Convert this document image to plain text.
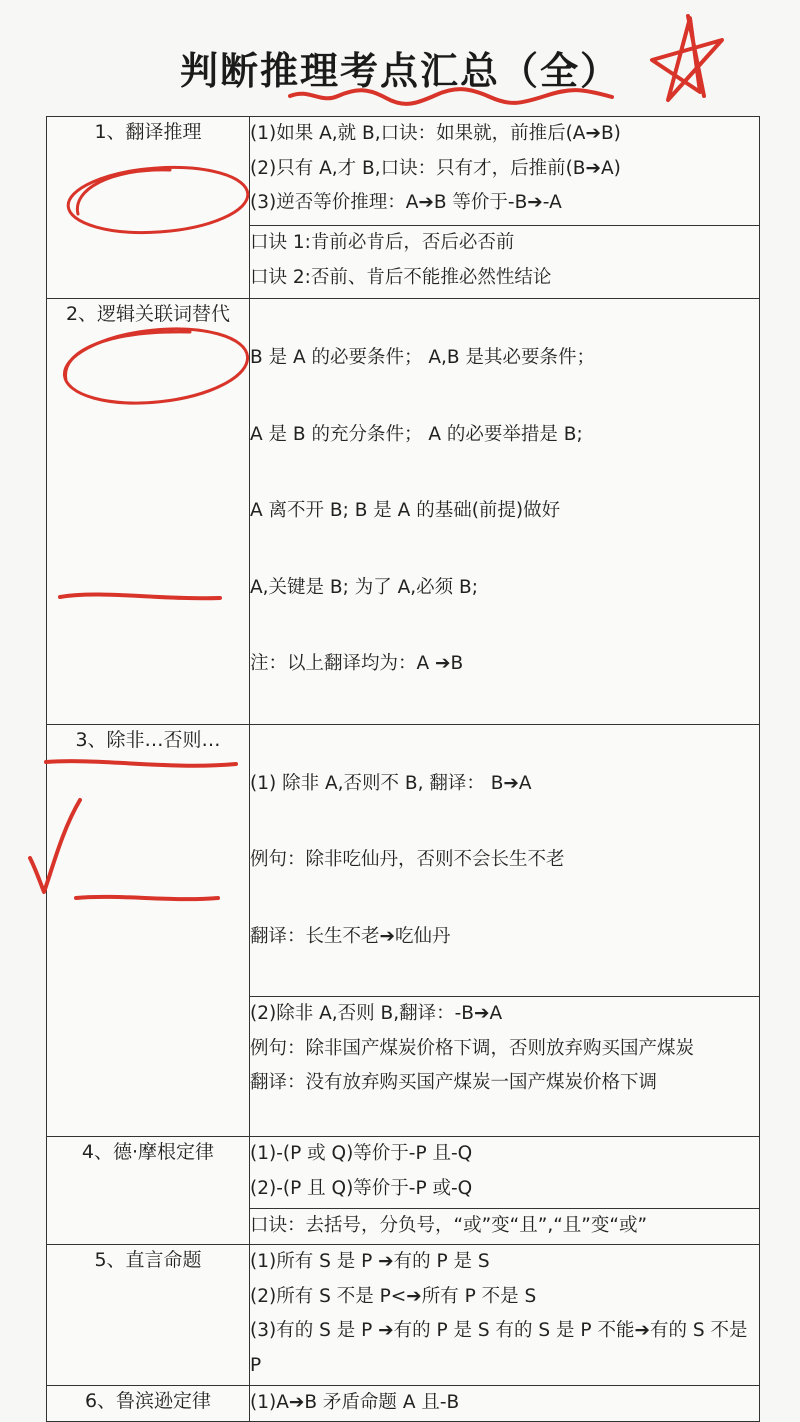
判断推理考点汇总（全）
1、翻译推理	(1)如果 A,就 B,口诀：如果就，前推后(A➔B)
(2)只有 A,才 B,口诀：只有才，后推前(B➔A)
(3)逆否等价推理：A➔B 等价于-B➔-A

	口诀 1:肯前必肯后，否后必否前
口诀 2:否前、肯后不能推必然性结论

2、逻辑关联词替代	B 是 A 的必要条件； A,B 是其必要条件；

A 是 B 的充分条件； A 的必要举措是 B;

A 离不开 B; B 是 A 的基础(前提)做好

A,关键是 B; 为了 A,必须 B;

注：以上翻译均为：A ➔B

3、除非…否则…	(1) 除非 A,否则不 B, 翻译： B➔A

例句：除非吃仙丹，否则不会长生不老

翻译：长生不老➔吃仙丹

	(2)除非 A,否则 B,翻译：-B➔A
例句：除非国产煤炭价格下调，否则放弃购买国产煤炭
翻译：没有放弃购买国产煤炭一国产煤炭价格下调

4、德·摩根定律	(1)-(P 或 Q)等价于-P 且-Q
(2)-(P 且 Q)等价于-P 或-Q

	口诀：去括号，分负号，“或”变“且”,“且”变“或”

5、直言命题	(1)所有 S 是 P ➔有的 P 是 S
(2)所有 S 不是 P<➔所有 P 不是 S
(3)有的 S 是 P ➔有的 P 是 S 有的 S 是 P 不能➔有的 S 不是 P

6、鲁滨逊定律	(1)A➔B 矛盾命题 A 且-B
